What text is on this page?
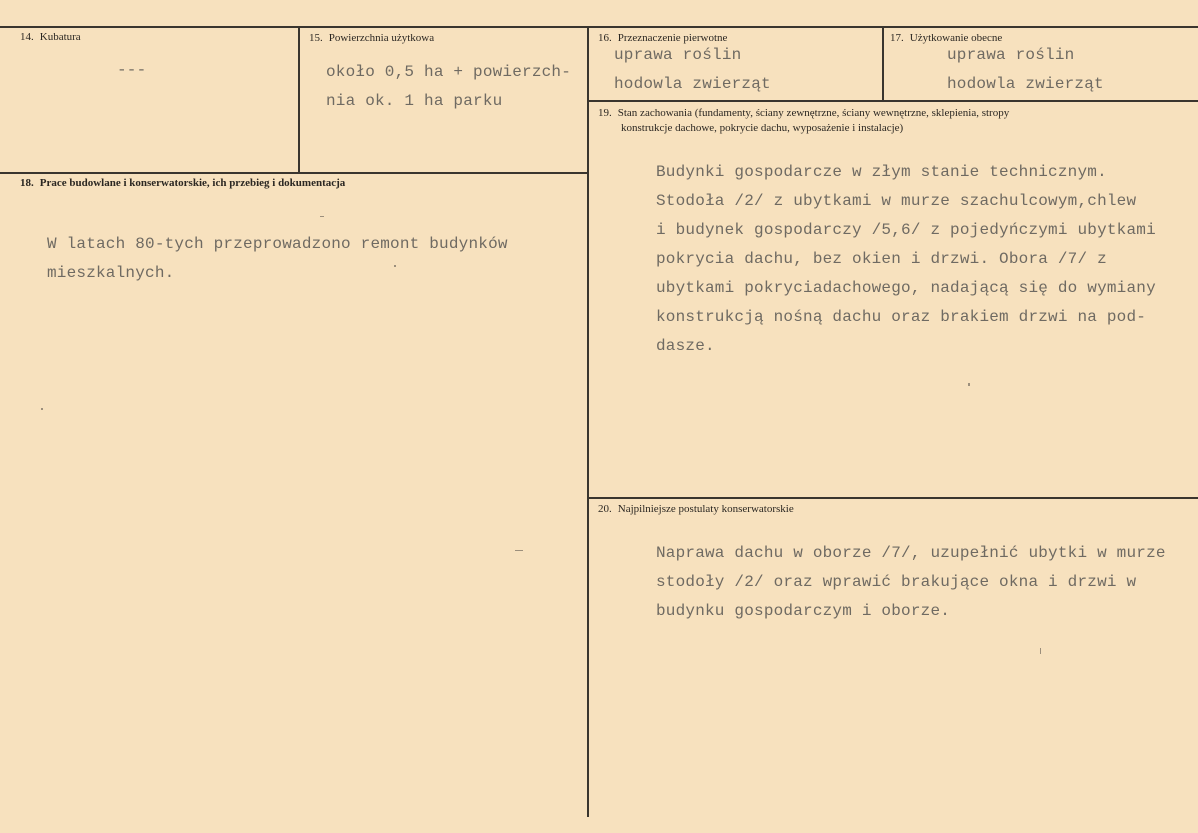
14. Kubatura
---
15. Powierzchnia użytkowa
około 0,5 ha + powierzch-
nia ok. 1 ha parku
16. Przeznaczenie pierwotne
uprawa roślin
hodowla zwierząt
17. Użytkowanie obecne
uprawa roślin
hodowla zwierząt
18. Prace budowlane i konserwatorskie, ich przebieg i dokumentacja
W latach 80-tych przeprowadzono remont budynków
mieszkalnych.
19. Stan zachowania (fundamenty, ściany zewnętrzne, ściany wewnętrzne, sklepienia, stropy
konstrukcje dachowe, pokrycie dachu, wyposażenie i instalacje)
Budynki gospodarcze w złym stanie technicznym.
Stodoła /2/ z ubytkami w murze szachulcowym,chlew
i budynek gospodarczy /5,6/ z pojedyńczymi ubytkami
pokrycia dachu, bez okien i drzwi. Obora /7/ z
ubytkami pokryciadachowego, nadającą się do wymiany
konstrukcją nośną dachu oraz brakiem drzwi na pod-
dasze.
20. Najpilniejsze postulaty konserwatorskie
Naprawa dachu w oborze /7/, uzupełnić ubytki w murze
stodoły /2/ oraz wprawić brakujące okna i drzwi w
budynku gospodarczym i oborze.
